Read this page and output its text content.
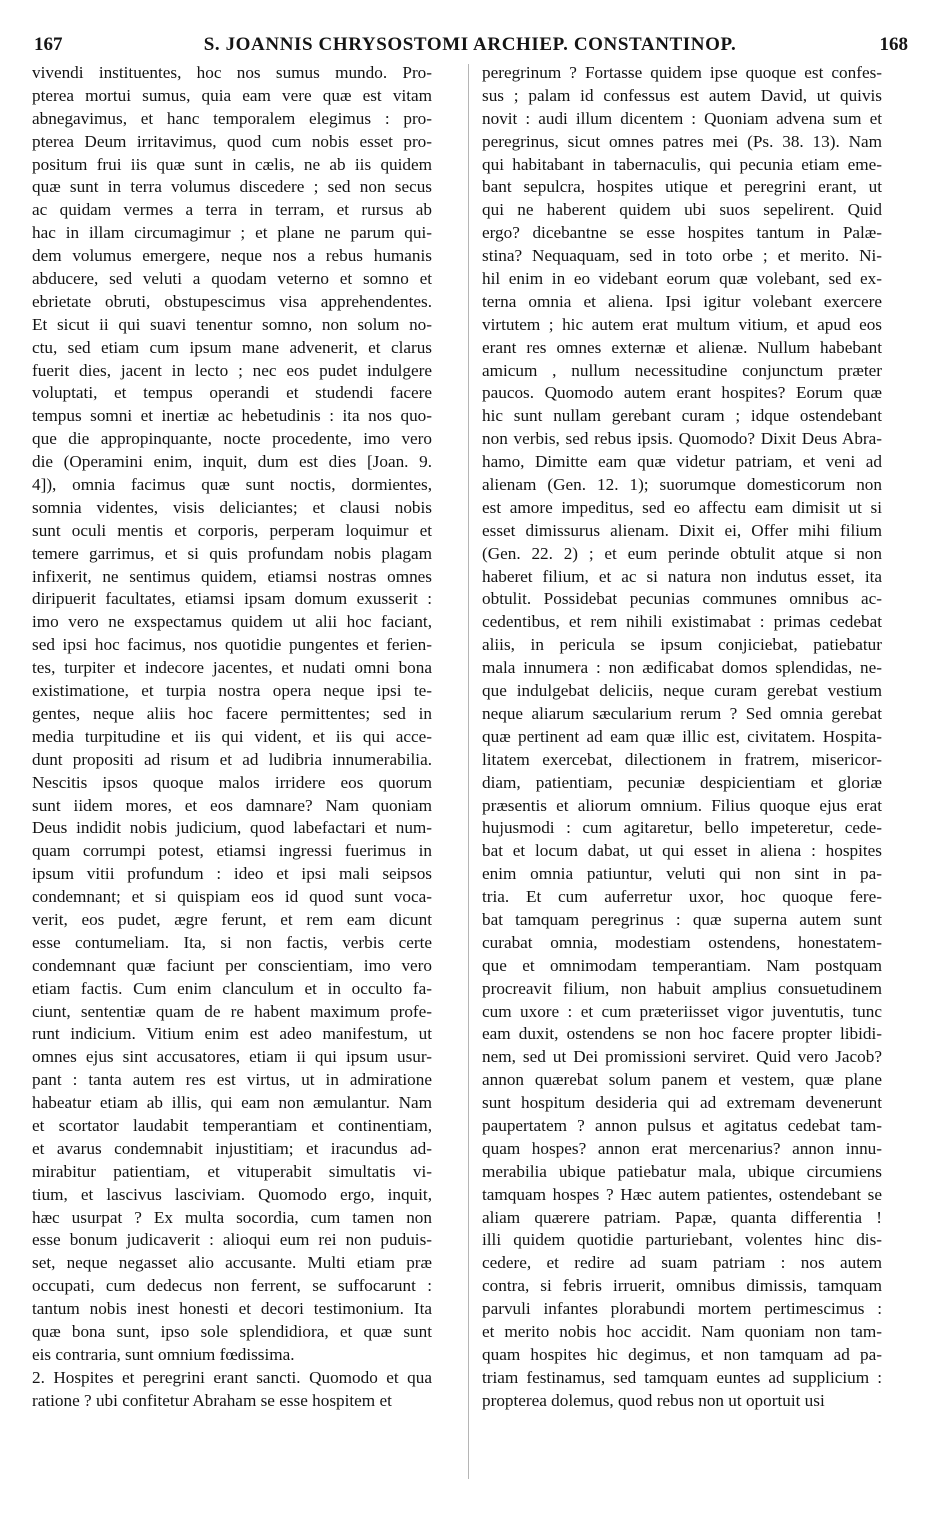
167	S. JOANNIS CHRYSOSTOMI ARCHIEP. CONSTANTINOP.	168
vivendi instituentes, hoc nos sumus mundo. Pro-
pterea mortui sumus, quia eam vere quæ est vitam
abnegavimus, et hanc temporalem elegimus : pro-
pterea Deum irritavimus, quod cum nobis esset pro-
positum frui iis quæ sunt in cælis, ne ab iis quidem
quæ sunt in terra volumus discedere ; sed non secus
ac quidam vermes a terra in terram, et rursus ab
hac in illam circumagimur ; et plane ne parum qui-
dem volumus emergere, neque nos a rebus humanis
abducere, sed veluti a quodam veterno et somno et
ebrietate obruti, obstupescimus visa apprehendentes.
Et sicut ii qui suavi tenentur somno, non solum no-
ctu, sed etiam cum ipsum mane advenerit, et clarus
fuerit dies, jacent in lecto ; nec eos pudet indulgere
voluptati, et tempus operandi et studendi facere
tempus somni et inertiæ ac hebetudinis : ita nos quo-
que die appropinquante, nocte procedente, imo vero
die (Operamini enim, inquit, dum est dies [Joan. 9.
4]), omnia facimus quæ sunt noctis, dormientes,
somnia videntes, visis deliciantes; et clausi nobis
sunt oculi mentis et corporis, perperam loquimur et
temere garrimus, et si quis profundam nobis plagam
infixerit, ne sentimus quidem, etiamsi nostras omnes
diripuerit facultates, etiamsi ipsam domum exusserit :
imo vero ne exspectamus quidem ut alii hoc faciant,
sed ipsi hoc facimus, nos quotidie pungentes et ferien-
tes, turpiter et indecore jacentes, et nudati omni bona
existimatione, et turpia nostra opera neque ipsi te-
gentes, neque aliis hoc facere permittentes; sed in
media turpitudine et iis qui vident, et iis qui acce-
dunt propositi ad risum et ad ludibria innumerabilia.
Nescitis ipsos quoque malos irridere eos quorum
sunt iidem mores, et eos damnare? Nam quoniam
Deus indidit nobis judicium, quod labefactari et num-
quam corrumpi potest, etiamsi ingressi fuerimus in
ipsum vitii profundum : ideo et ipsi mali seipsos
condemnant; et si quispiam eos id quod sunt voca-
verit, eos pudet, ægre ferunt, et rem eam dicunt
esse contumeliam. Ita, si non factis, verbis certe
condemnant quæ faciunt per conscientiam, imo vero
etiam factis. Cum enim clanculum et in occulto fa-
ciunt, sententiæ quam de re habent maximum profe-
runt indicium. Vitium enim est adeo manifestum, ut
omnes ejus sint accusatores, etiam ii qui ipsum usur-
pant : tanta autem res est virtus, ut in admiratione
habeatur etiam ab illis, qui eam non æmulantur. Nam
et scortator laudabit temperantiam et continentiam,
et avarus condemnabit injustitiam; et iracundus ad-
mirabitur patientiam, et vituperabit simultatis vi-
tium, et lascivus lasciviam. Quomodo ergo, inquit,
hæc usurpat ? Ex multa socordia, cum tamen non
esse bonum judicaverit : alioqui eum rei non puduis-
set, neque negasset alio accusante. Multi etiam præ
occupati, cum dedecus non ferrent, se suffocarunt :
tantum nobis inest honesti et decori testimonium. Ita
quæ bona sunt, ipso sole splendidiora, et quæ sunt
eis contraria, sunt omnium fœdissima.
2. Hospites et peregrini erant sancti. Quomodo et qua
ratione ? ubi confitetur Abraham se esse hospitem et
peregrinum ? Fortasse quidem ipse quoque est confes-
sus ; palam id confessus est autem David, ut quivis
novit : audi illum dicentem : Quoniam advena sum et
peregrinus, sicut omnes patres mei (Ps. 38. 13). Nam
qui habitabant in tabernaculis, qui pecunia etiam eme-
bant sepulcra, hospites utique et peregrini erant, ut
qui ne haberent quidem ubi suos sepelirent. Quid
ergo? dicebantne se esse hospites tantum in Palæ-
stina? Nequaquam, sed in toto orbe ; et merito. Ni-
hil enim in eo videbant eorum quæ volebant, sed ex-
terna omnia et aliena. Ipsi igitur volebant exercere
virtutem ; hic autem erat multum vitium, et apud eos
erant res omnes externæ et alienæ. Nullum habebant
amicum , nullum necessitudine conjunctum præter
paucos. Quomodo autem erant hospites? Eorum quæ
hic sunt nullam gerebant curam ; idque ostendebant
non verbis, sed rebus ipsis. Quomodo? Dixit Deus Abra-
hamo, Dimitte eam quæ videtur patriam, et veni ad
alienam (Gen. 12. 1); suorumque domesticorum non
est amore impeditus, sed eo affectu eam dimisit ut si
esset dimissurus alienam. Dixit ei, Offer mihi filium
(Gen. 22. 2) ; et eum perinde obtulit atque si non
haberet filium, et ac si natura non indutus esset, ita
obtulit. Possidebat pecunias communes omnibus ac-
cedentibus, et rem nihili existimabat : primas cedebat
aliis, in pericula se ipsum conjiciebat, patiebatur
mala innumera : non ædificabat domos splendidas, ne-
que indulgebat deliciis, neque curam gerebat vestium
neque aliarum sæcularium rerum ? Sed omnia gerebat
quæ pertinent ad eam quæ illic est, civitatem. Hospita-
litatem exercebat, dilectionem in fratrem, misericor-
diam, patientiam, pecuniæ despicientiam et gloriæ
præsentis et aliorum omnium. Filius quoque ejus erat
hujusmodi : cum agitaretur, bello impeteretur, cede-
bat et locum dabat, ut qui esset in aliena : hospites
enim omnia patiuntur, veluti qui non sint in pa-
tria. Et cum auferretur uxor, hoc quoque fere-
bat tamquam peregrinus : quæ superna autem sunt
curabat omnia, modestiam ostendens, honestatem-
que et omnimodam temperantiam. Nam postquam
procreavit filium, non habuit amplius consuetudinem
cum uxore : et cum præteriisset vigor juventutis, tunc
eam duxit, ostendens se non hoc facere propter libidi-
nem, sed ut Dei promissioni serviret. Quid vero Jacob?
annon quærebat solum panem et vestem, quæ plane
sunt hospitum desideria qui ad extremam devenerunt
paupertatem ? annon pulsus et agitatus cedebat tam-
quam hospes? annon erat mercenarius? annon innu-
merabilia ubique patiebatur mala, ubique circumiens
tamquam hospes ? Hæc autem patientes, ostendebant se
aliam quærere patriam. Papæ, quanta differentia !
illi quidem quotidie parturiebant, volentes hinc dis-
cedere, et redire ad suam patriam : nos autem
contra, si febris irruerit, omnibus dimissis, tamquam
parvuli infantes plorabundi mortem pertimescimus :
et merito nobis hoc accidit. Nam quoniam non tam-
quam hospites hic degimus, et non tamquam ad pa-
triam festinamus, sed tamquam euntes ad supplicium :
propterea dolemus, quod rebus non ut oportuit usi
